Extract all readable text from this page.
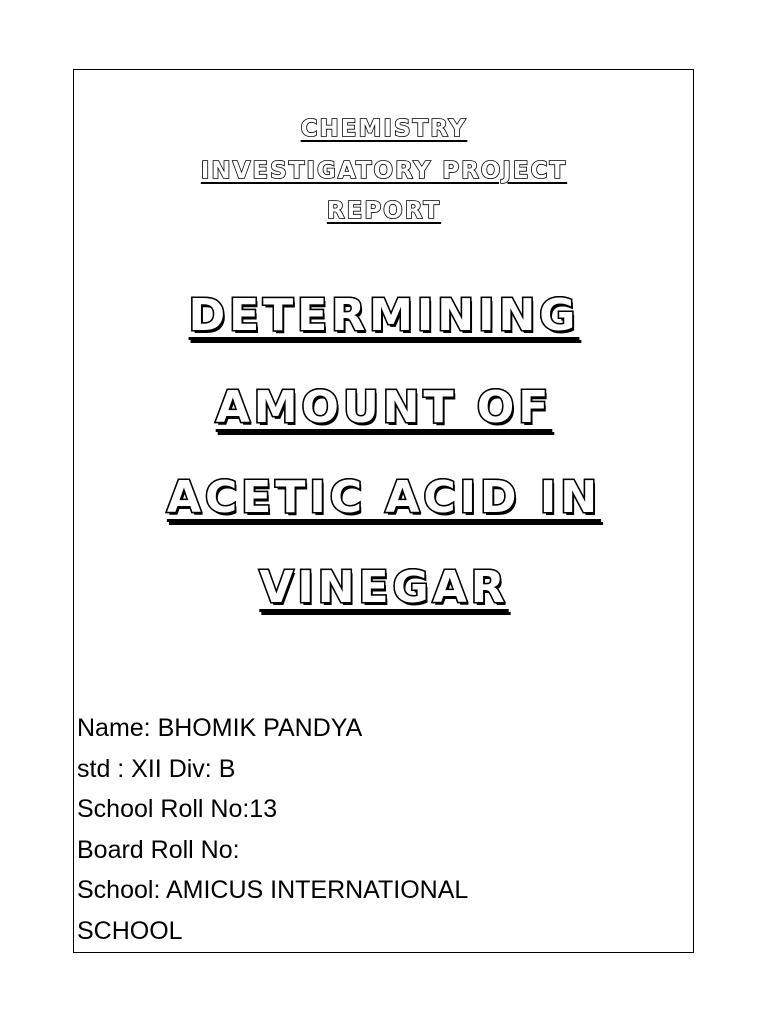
CHEMISTRY
INVESTIGATORY PROJECT
REPORT
DETERMINING
AMOUNT OF
ACETIC ACID IN
VINEGAR
Name: BHOMIK PANDYA
std : XII Div: B
School Roll No:13
Board Roll No:
School: AMICUS INTERNATIONAL
SCHOOL
